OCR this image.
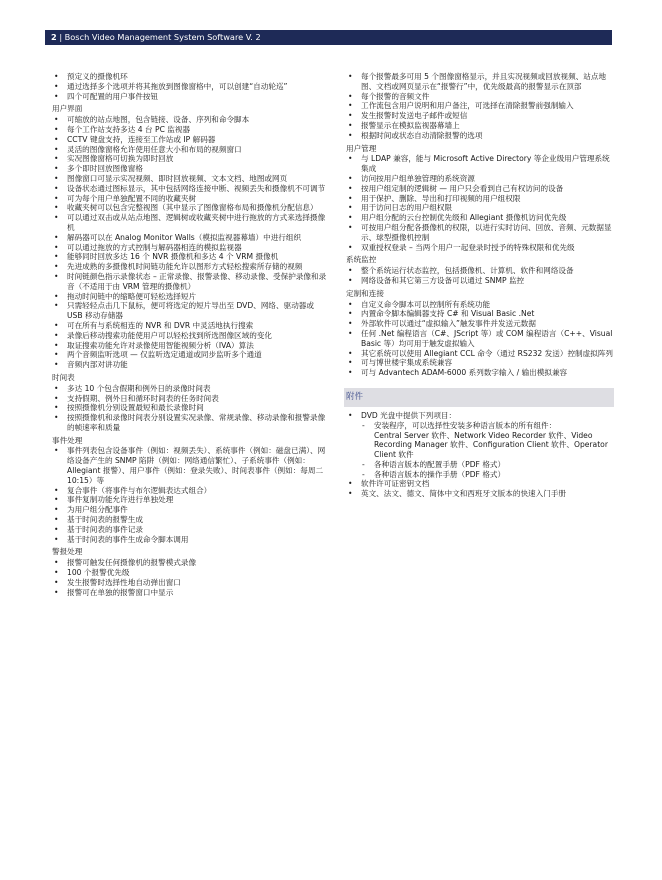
2 | Bosch Video Management System Software V. 2
• 预定义的摄像机环
• 通过选择多个选项并将其拖放到图像窗格中，可以创建“自动轮巡”
• 四个可配置的用户事件按钮
用户界面
• 可缩放的站点地图，包含链接、设备、序列和命令脚本
• 每个工作站支持多达 4 台 PC 监视器
• CCTV 键盘支持，连接至工作站或 IP 解码器
• 灵活的图像窗格允许使用任意大小和布局的视频窗口
• 实况图像窗格可切换为即时回放
• 多个即时回放图像窗格
• 图像窗口可显示实况视频、即时回放视频、文本文档、地图或网页
• 设备状态通过图标显示，其中包括网络连接中断、视频丢失和摄像机不可调节
• 可为每个用户单独配置不同的收藏夹树
• 收藏夹树可以包含完整视图（其中显示了图像窗格布局和摄像机分配信息）
• 可以通过双击或从站点地图、逻辑树或收藏夹树中进行拖放的方式来选择摄像机
• 解码器可以在 Analog Monitor Walls（模拟监视器幕墙）中进行组织
• 可以通过拖放的方式控制与解码器相连的模拟监视器
• 能够同时回放多达 16 个 NVR 摄像机和多达 4 个 VRM 摄像机
• 先进成熟的多摄像机时间链功能允许以图形方式轻松搜索所存储的视频
• 时间链颜色指示录像状态 – 正常录像、报警录像、移动录像、受保护录像和录音（不适用于由 VRM 管理的摄像机）
• 拖动时间链中的缩略便可轻松选择短片
• 只需轻轻点击几下鼠标，便可将选定的短片导出至 DVD、网络、驱动器或 USB 移动存储器
• 可在所有与系统相连的 NVR 和 DVR 中灵活地执行搜索
• 录像后移动搜索功能使用户可以轻松找到所选图像区域的变化
• 取证搜索功能允许对录像使用智能视频分析（IVA）算法
• 两个音频监听选项 — 仅监听选定通道或同步监听多个通道
• 音频内部对讲功能
时间表
• 多达 10 个包含假期和例外日的录像时间表
• 支持假期、例外日和循环时间表的任务时间表
• 按照摄像机分别设置最短和最长录像时间
• 按照摄像机和录像时间表分别设置实况录像、常规录像、移动录像和报警录像的帧速率和质量
事件处理
• 事件列表包含设备事件（例如：视频丢失）、系统事件（例如：磁盘已满）、网络设备产生的 SNMP 陷阱（例如：网络通信繁忙）、子系统事件（例如：Allegiant 报警）、用户事件（例如：登录失败）、时间表事件（例如：每周二 10:15）等
• 复合事件（将事件与布尔逻辑表达式组合）
• 事件复制功能允许进行单独处理
• 为用户组分配事件
• 基于时间表的报警生成
• 基于时间表的事件记录
• 基于时间表的事件生成命令脚本调用
警报处理
• 报警可触发任何摄像机的报警模式录像
• 100 个报警优先级
• 发生报警时选择性地自动弹出窗口
• 报警可在单独的报警窗口中显示
• 每个报警最多可用 5 个图像窗格显示，并且实况视频或回放视频、站点地图、文档或网页显示在“报警行”中，优先级最高的报警显示在顶部
• 每个报警的音频文件
• 工作流包含用户说明和用户备注，可选择在清除报警前强制输入
• 发生报警时发送电子邮件或短信
• 报警显示在模拟监视器幕墙上
• 根据时间或状态自动清除报警的选项
用户管理
• 与 LDAP 兼容，能与 Microsoft Active Directory 等企业级用户管理系统集成
• 访问按用户组单独管理的系统资源
• 按用户组定制的逻辑树 — 用户只会看到自己有权访问的设备
• 用于保护、删除、导出和打印视频的用户组权限
• 用于访问日志的用户组权限
• 用户组分配的云台控制优先级和 Allegiant 摄像机访问优先级
• 可按用户组分配各摄像机的权限，以进行实时访问、回放、音频、元数据显示、球型摄像机控制
• 双重授权登录 – 当两个用户一起登录时授予的特殊权限和优先级
系统监控
• 整个系统运行状态监控，包括摄像机、计算机、软件和网络设备
• 网络设备和其它第三方设备可以通过 SNMP 监控
定制和连接
• 自定义命令脚本可以控制所有系统功能
• 内置命令脚本编辑器支持 C# 和 Visual Basic .Net
• 外部软件可以通过“虚拟输入”触发事件并发送元数据
• 任何 .Net 编程语言（C#、JScript 等）或 COM 编程语言（C++、Visual Basic 等）均可用于触发虚拟输入
• 其它系统可以使用 Allegiant CCL 命令（通过 RS232 发送）控制虚拟阵列
• 可与博世楼宇集成系统兼容
• 可与 Advantech ADAM-6000 系列数字输入 / 输出模拟兼容
附件
• DVD 光盘中提供下列项目：
- 安装程序，可以选择性安装多种语言版本的所有组件：
Central Server 软件、Network Video Recorder 软件、Video Recording Manager 软件、Configuration Client 软件、Operator Client 软件
- 各种语言版本的配置手册（PDF 格式）
- 各种语言版本的操作手册（PDF 格式）
• 软件许可证密钥文档
• 英文、法文、德文、简体中文和西班牙文版本的快速入门手册
